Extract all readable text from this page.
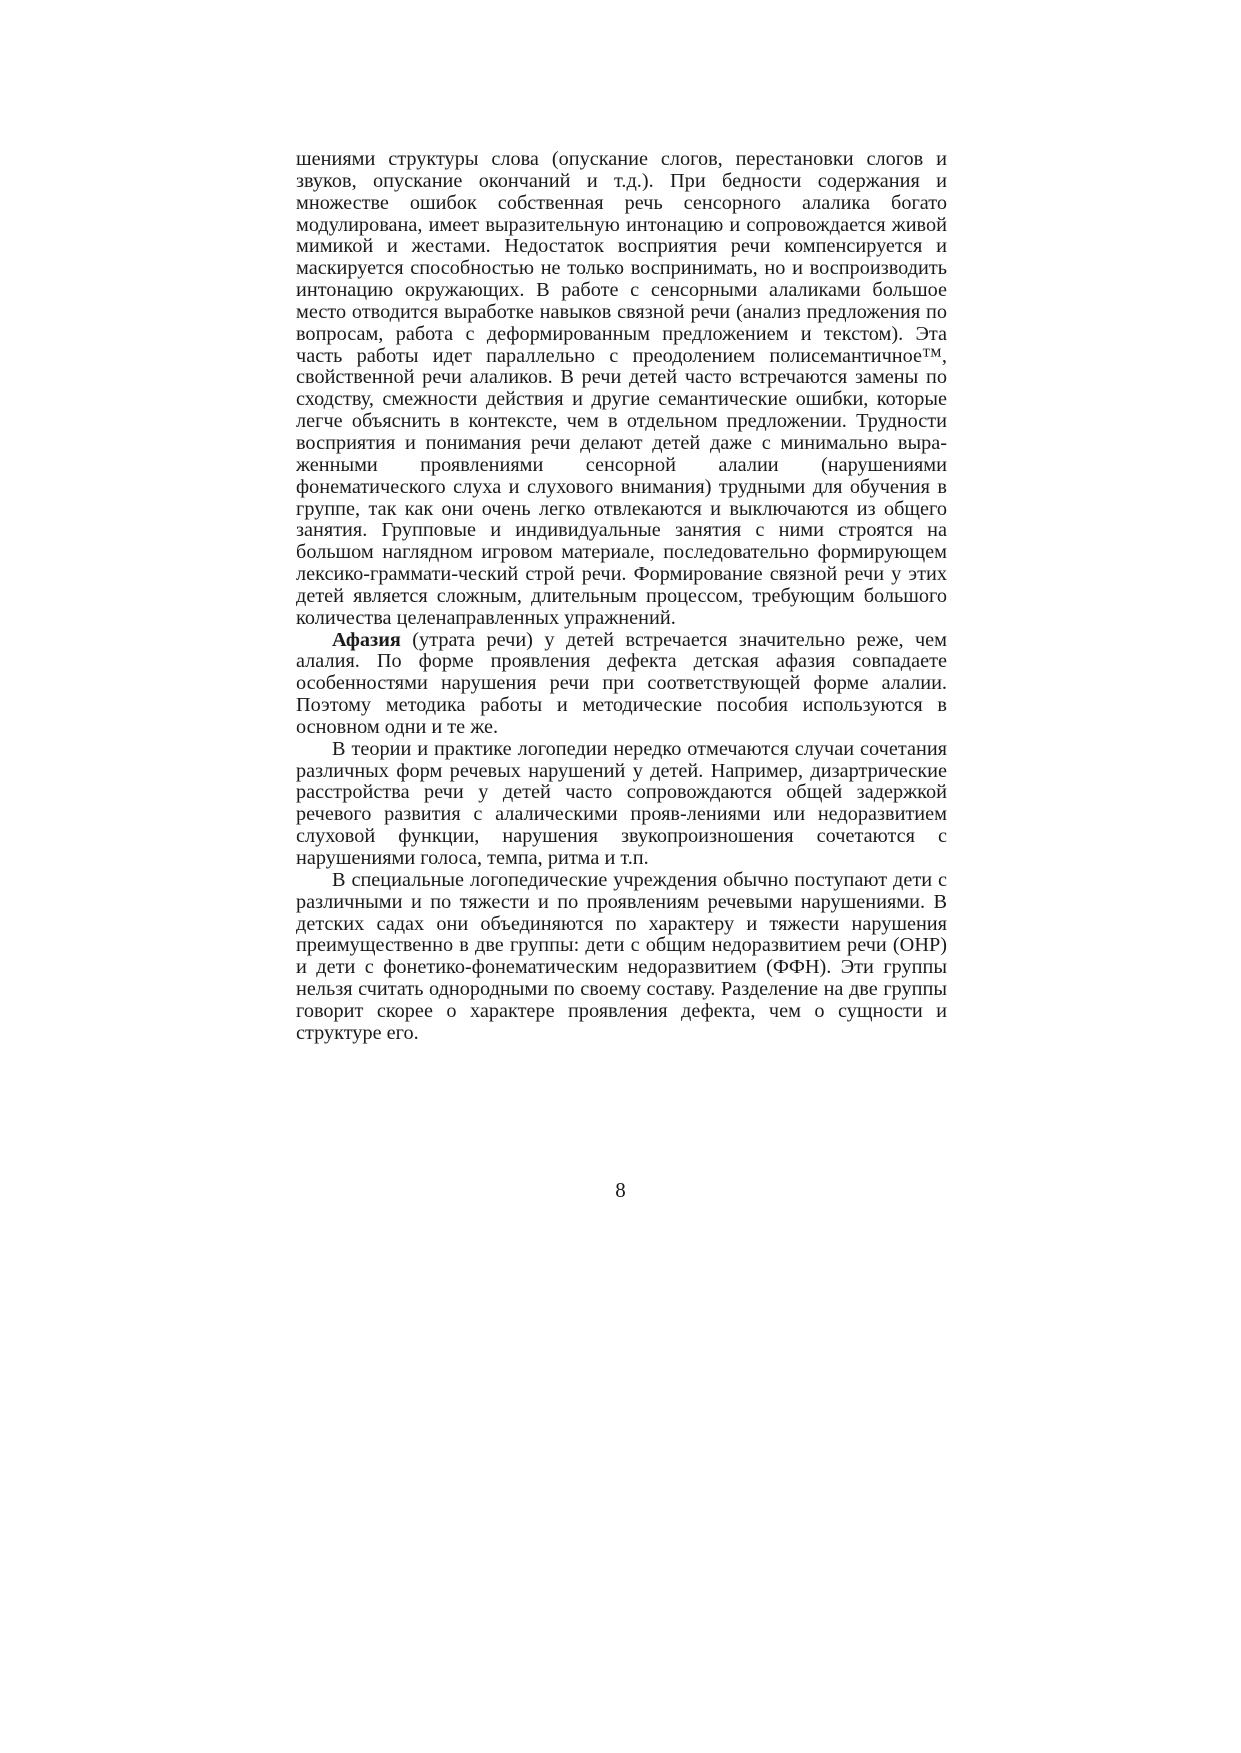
шениями структуры слова (опускание слогов, перестановки слогов и звуков, опускание окончаний и т.д.). При бедности содержания и множестве ошибок собственная речь сенсорного алалика богато модулирована, имеет выразительную интонацию и сопровождается живой мимикой и жестами. Недостаток восприятия речи компенсируется и маскируется способностью не только воспринимать, но и воспроизводить интонацию окружающих. В работе с сенсорными алаликами большое место отводится выработке навыков связной речи (анализ предложения по вопросам, работа с деформированным предложением и текстом). Эта часть работы идет параллельно с преодолением полисемантичное™, свойственной речи алаликов. В речи детей часто встречаются замены по сходству, смежности действия и другие семантические ошибки, которые легче объяснить в контексте, чем в отдельном предложении. Трудности восприятия и понимания речи делают детей даже с минимально выра-женными проявлениями сенсорной алалии (нарушениями фонематического слуха и слухового внимания) трудными для обучения в группе, так как они очень легко отвлекаются и выключаются из общего занятия. Групповые и индивидуальные занятия с ними строятся на большом наглядном игровом материале, последовательно формирующем лексико-граммати-ческий строй речи. Формирование связной речи у этих детей является сложным, длительным процессом, требующим большого количества целенаправленных упражнений.

Афазия (утрата речи) у детей встречается значительно реже, чем алалия. По форме проявления дефекта детская афазия совпадаете особенностями нарушения речи при соответствующей форме алалии. Поэтому методика работы и методические пособия используются в основном одни и те же.

В теории и практике логопедии нередко отмечаются случаи сочетания различных форм речевых нарушений у детей. Например, дизартрические расстройства речи у детей часто сопровождаются общей задержкой речевого развития с алалическими прояв-лениями или недоразвитием слуховой функции, нарушения звукопроизношения сочетаются с нарушениями голоса, темпа, ритма и т.п.

В специальные логопедические учреждения обычно поступают дети с различными и по тяжести и по проявлениям речевыми нарушениями. В детских садах они объединяются по характеру и тяжести нарушения преимущественно в две группы: дети с общим недоразвитием речи (ОНР) и дети с фонетико-фонематическим недоразвитием (ФФН). Эти группы нельзя считать однородными по своему составу. Разделение на две группы говорит скорее о характере проявления дефекта, чем о сущности и структуре его.

8
